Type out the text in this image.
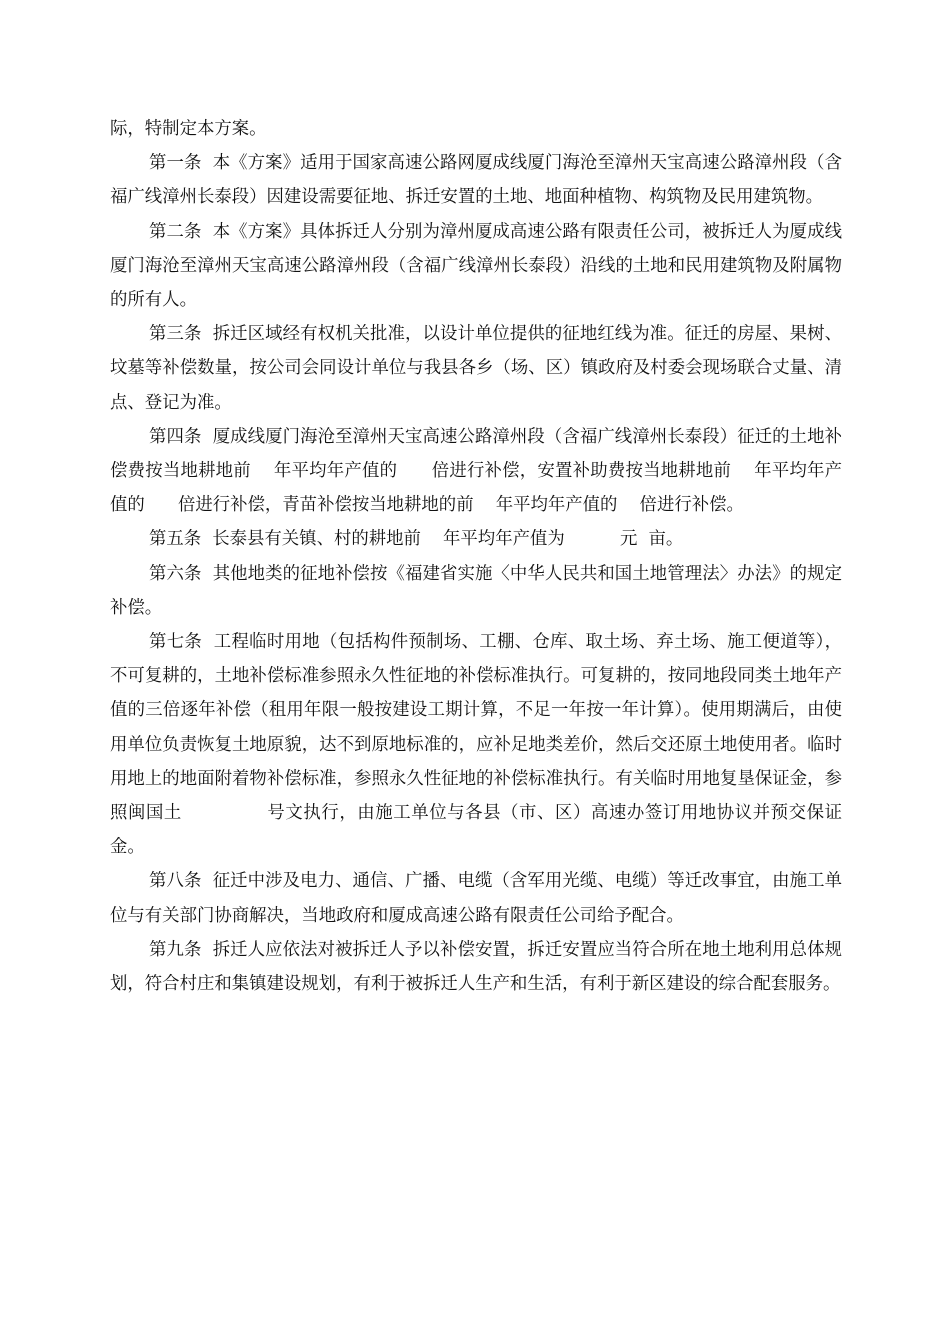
际，特制定本方案。

第一条  本《方案》适用于国家高速公路网厦成线厦门海沧至漳州天宝高速公路漳州段（含福广线漳州长泰段）因建设需要征地、拆迁安置的土地、地面种植物、构筑物及民用建筑物。

第二条  本《方案》具体拆迁人分别为漳州厦成高速公路有限责任公司，被拆迁人为厦成线厦门海沧至漳州天宝高速公路漳州段（含福广线漳州长泰段）沿线的土地和民用建筑物及附属物的所有人。

第三条  拆迁区域经有权机关批准，以设计单位提供的征地红线为准。征迁的房屋、果树、坟墓等补偿数量，按公司会同设计单位与我县各乡（场、区）镇政府及村委会现场联合丈量、清点、登记为准。

第四条  厦成线厦门海沧至漳州天宝高速公路漳州段（含福广线漳州长泰段）征迁的土地补偿费按当地耕地前    年平均年产值的      倍进行补偿，安置补助费按当地耕地前    年平均年产值的      倍进行补偿，青苗补偿按当地耕地的前    年平均年产值的    倍进行补偿。

第五条  长泰县有关镇、村的耕地前    年平均年产值为          元  亩。

第六条  其他地类的征地补偿按《福建省实施〈中华人民共和国土地管理法〉办法》的规定补偿。

第七条  工程临时用地（包括构件预制场、工棚、仓库、取土场、弃土场、施工便道等），不可复耕的，土地补偿标准参照永久性征地的补偿标准执行。可复耕的，按同地段同类土地年产值的三倍逐年补偿（租用年限一般按建设工期计算，不足一年按一年计算）。使用期满后，由使用单位负责恢复土地原貌，达不到原地标准的，应补足地类差价，然后交还原土地使用者。临时用地上的地面附着物补偿标准，参照永久性征地的补偿标准执行。有关临时用地复垦保证金，参照闽国土              号文执行，由施工单位与各县（市、区）高速办签订用地协议并预交保证金。

第八条  征迁中涉及电力、通信、广播、电缆（含军用光缆、电缆）等迁改事宜，由施工单位与有关部门协商解决，当地政府和厦成高速公路有限责任公司给予配合。

第九条  拆迁人应依法对被拆迁人予以补偿安置，拆迁安置应当符合所在地土地利用总体规划，符合村庄和集镇建设规划，有利于被拆迁人生产和生活，有利于新区建设的综合配套服务。
